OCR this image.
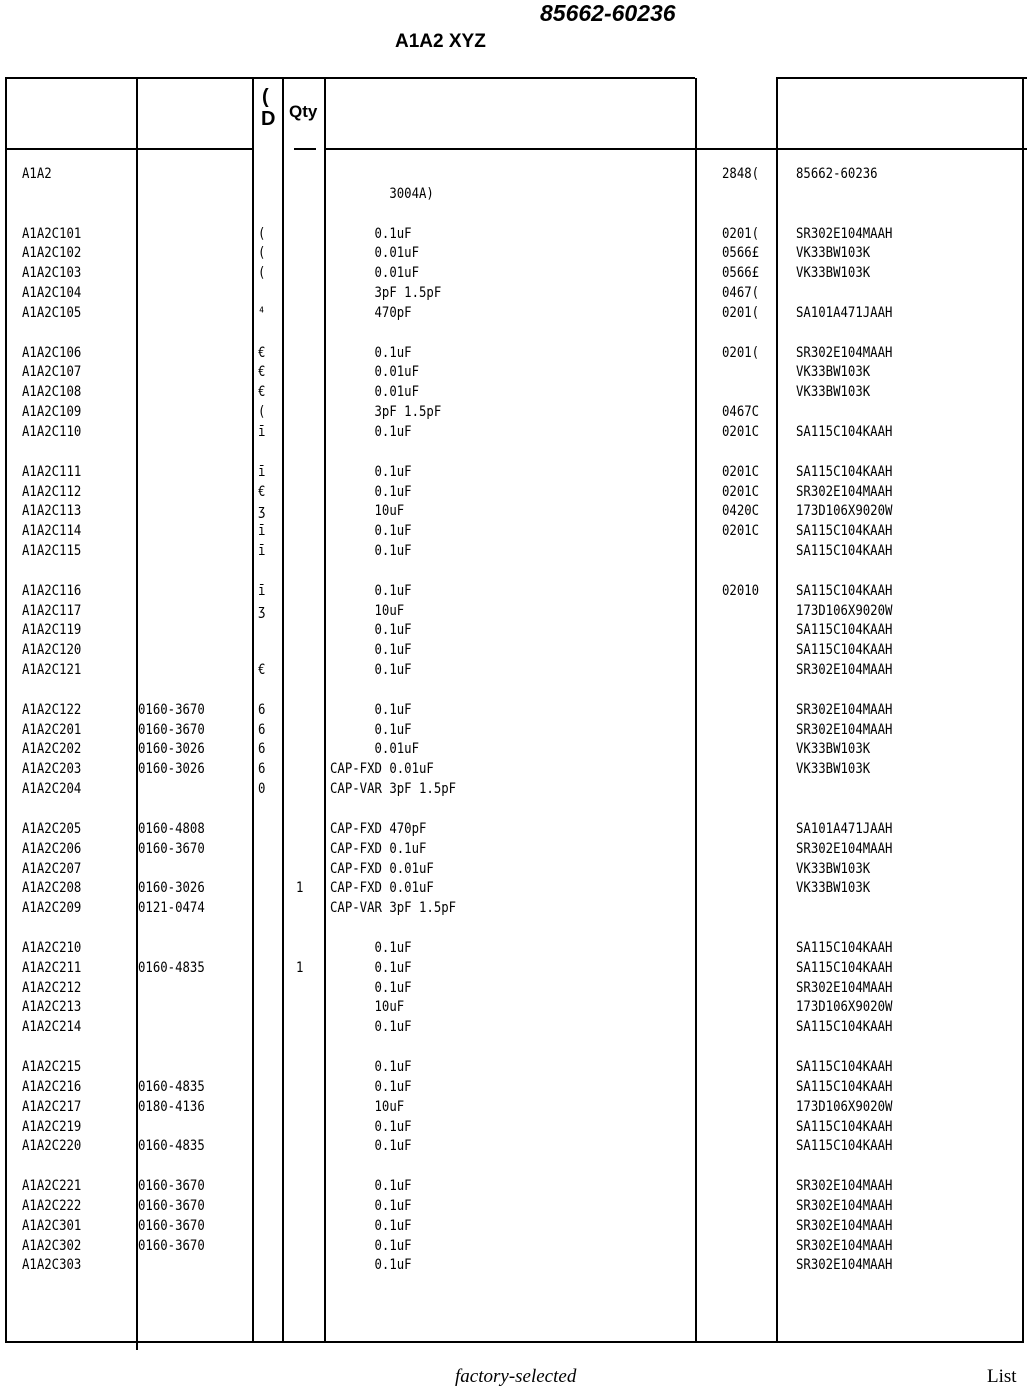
85662-60236
A1A2 XYZ
(
D Qty
A1A2
A1A2C101
A1A2C102
A1A2C103
A1A2C104
A1A2C105
A1A2C106
A1A2C107
A1A2C108
A1A2C109
A1A2C110
A1A2C111
A1A2C112
A1A2C113
A1A2C114
A1A2C115
A1A2C116
A1A2C117
A1A2C119
A1A2C120
A1A2C121
A1A2C122
A1A2C201
A1A2C202
A1A2C203
A1A2C204
A1A2C205
A1A2C206
A1A2C207
A1A2C208
A1A2C209
A1A2C210
A1A2C211
A1A2C212
A1A2C213
A1A2C214
A1A2C215
A1A2C216
A1A2C217
A1A2C219
A1A2C220
A1A2C221
A1A2C222
A1A2C301
A1A2C302
A1A2C303
0160-3670
0160-3670
0160-3026
0160-3026
0160-4808
0160-3670
0160-3026
0121-0474
0160-4835
0160-4835
0180-4136
0160-4835
0160-3670
0160-3670
0160-3670
0160-3670
(
(
(
⁴
€
€
€
(
ī
ī
€
ʒ
ī
ī
ī
ʒ
€
6
6
6
6
0
1
1
3004A)
0.1uF
0.01uF
0.01uF
3pF 1.5pF
470pF
0.1uF
0.01uF
0.01uF
3pF 1.5pF
0.1uF
0.1uF
0.1uF
10uF
0.1uF
0.1uF
0.1uF
10uF
0.1uF
0.1uF
0.1uF
0.1uF
0.1uF
0.01uF
CAP-FXD 0.01uF
CAP-VAR 3pF 1.5pF
CAP-FXD 470pF
CAP-FXD 0.1uF
CAP-FXD 0.01uF
CAP-FXD 0.01uF
CAP-VAR 3pF 1.5pF
0.1uF
0.1uF
0.1uF
10uF
0.1uF
0.1uF
0.1uF
10uF
0.1uF
0.1uF
0.1uF
0.1uF
0.1uF
0.1uF
0.1uF
2848(
0201(
0566£
0566£
0467(
0201(
0201(
0467C
0201C
0201C
0201C
0420C
0201C
02010
85662-60236
SR302E104MAAH
VK33BW103K
VK33BW103K
SA101A471JAAH
SR302E104MAAH
VK33BW103K
VK33BW103K
SA115C104KAAH
SA115C104KAAH
SR302E104MAAH
173D106X9020W
SA115C104KAAH
SA115C104KAAH
SA115C104KAAH
173D106X9020W
SA115C104KAAH
SA115C104KAAH
SR302E104MAAH
SR302E104MAAH
SR302E104MAAH
VK33BW103K
VK33BW103K
SA101A471JAAH
SR302E104MAAH
VK33BW103K
VK33BW103K
SA115C104KAAH
SA115C104KAAH
SR302E104MAAH
173D106X9020W
SA115C104KAAH
SA115C104KAAH
SA115C104KAAH
173D106X9020W
SA115C104KAAH
SA115C104KAAH
SR302E104MAAH
SR302E104MAAH
SR302E104MAAH
SR302E104MAAH
SR302E104MAAH
factory-selected	List
